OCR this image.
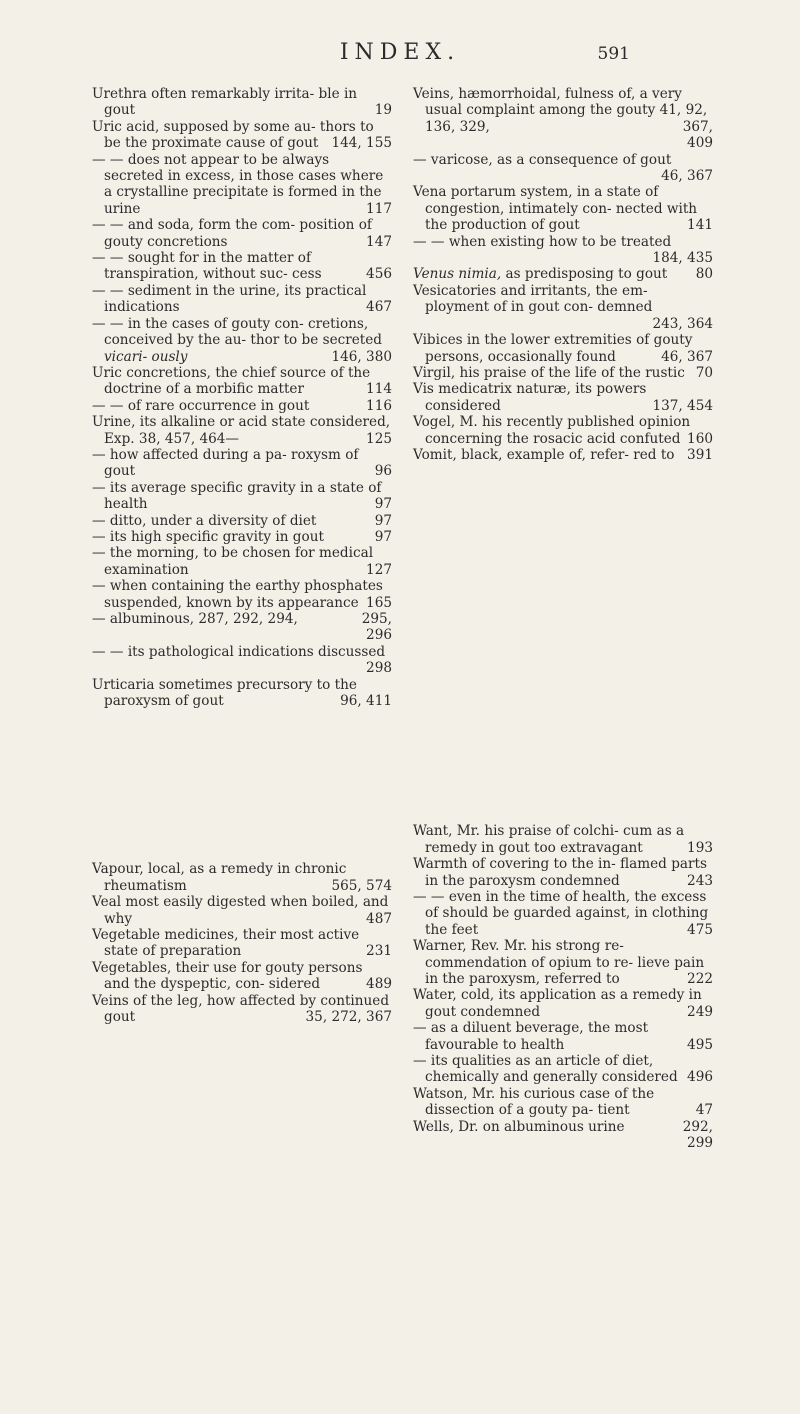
INDEX.	591

Urethra often remarkably irrita- ble in gout	19

Uric acid, supposed by some au- thors to be the proximate cause of gout 144, 155

— — does not appear to be always secreted in excess, in those cases where a crystalline precipitate is formed in the urine	117

— — and soda, form the com- position of gouty concretions	147

— — sought for in the matter of transpiration, without suc- cess	456

— — sediment in the urine, its practical indications	467

— — in the cases of gouty con- cretions, conceived by the au- thor to be secreted vicari- ously	146, 380

Uric concretions, the chief source of the doctrine of a morbific matter	114

— — of rare occurrence in gout	116

Urine, its alkaline or acid state considered, Exp. 38, 457, 464—	125

— how affected during a pa- roxysm of gout	96

— its average specific gravity in a state of health	97

— ditto, under a diversity of diet	97

— its high specific gravity in gout	97

— the morning, to be chosen for medical examination	127

— when containing the earthy phosphates suspended, known by its appearance 165

— albuminous, 287, 292, 294,	295,
296

— — its pathological indications discussed
298

Urticaria sometimes precursory to the paroxysm of gout	96, 411

Vapour, local, as a remedy in chronic rheumatism	565, 574

Veal most easily digested when boiled, and why	487

Vegetable medicines, their most active state of preparation	231

Vegetables, their use for gouty persons and the dyspeptic, con- sidered	489

Veins of the leg, how affected by continued gout	35, 272, 367

Veins, hæmorrhoidal, fulness of, a very usual complaint among the gouty 41, 92, 136, 329,	367,
409

— varicose, as a consequence of gout
46, 367

Vena portarum system, in a state of congestion, intimately con- nected with the production of gout	141

— — when existing how to be treated
184, 435

Venus nimia, as predisposing to gout	80

Vesicatories and irritants, the em- ployment of in gout con- demned
243, 364

Vibices in the lower extremities of gouty persons, occasionally found	46, 367

Virgil, his praise of the life of the rustic 70

Vis medicatrix naturæ, its powers considered	137, 454

Vogel, M. his recently published opinion concerning the rosacic acid confuted 160

Vomit, black, example of, refer- red to 391

Want, Mr. his praise of colchi- cum as a remedy in gout too extravagant	193

Warmth of covering to the in- flamed parts in the paroxysm condemned	243

— — even in the time of health, the excess of should be guarded against, in clothing the feet	475

Warner, Rev. Mr. his strong re- commendation of opium to re- lieve pain in the paroxysm, referred to	222

Water, cold, its application as a remedy in gout condemned	249

— as a diluent beverage, the most favourable to health	495

— its qualities as an article of diet, chemically and generally considered 496

Watson, Mr. his curious case of the dissection of a gouty pa- tient	47

Wells, Dr. on albuminous urine	292,
299
